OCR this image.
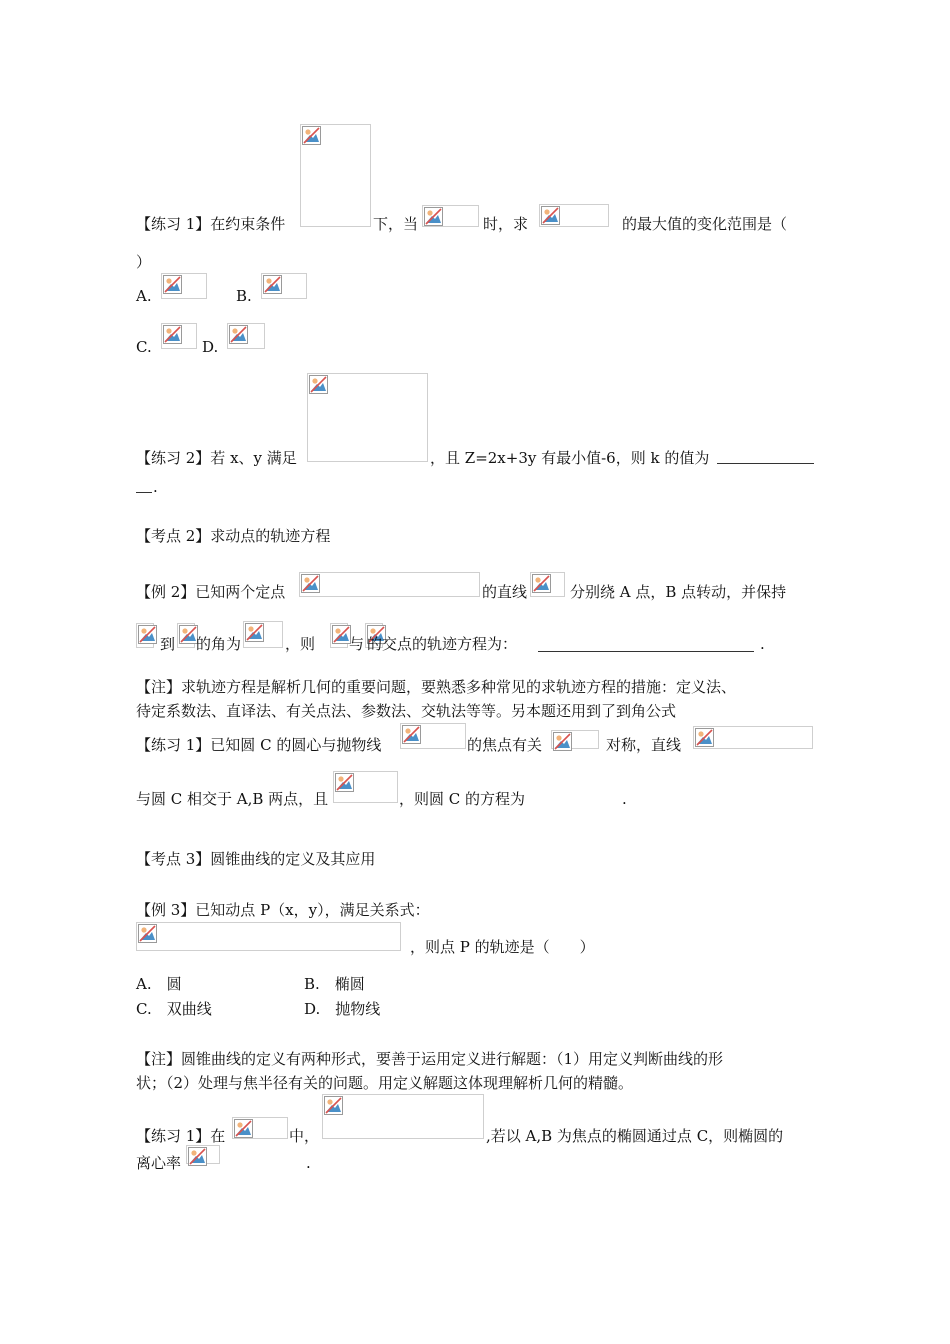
【练习 1】在约束条件	下，当	时，求	的最大值的变化范围是（
）
A.	B.
C.	D.
【练习 2】若 x、y 满足	，且 Z=2x+3y 有最小值-6，则 k 的值为
.
【考点 2】求动点的轨迹方程
【例 2】已知两个定点	的直线	分别绕 A 点，B 点转动，并保持
到 的角为	，则 与 的交点的轨迹方程为：	.
【注】求轨迹方程是解析几何的重要问题，要熟悉多种常见的求轨迹方程的措施：定义法、
待定系数法、直译法、有关点法、参数法、交轨法等等。另本题还用到了到角公式
【练习 1】已知圆 C 的圆心与抛物线	的焦点有关	对称，直线
与圆 C 相交于 A,B 两点，且	，则圆 C 的方程为	.
【考点 3】圆锥曲线的定义及其应用
【例 3】已知动点 P（x，y），满足关系式：
，则点 P 的轨迹是（　　）
A.　圆	B.　椭圆
C.　双曲线	D.　抛物线
【注】圆锥曲线的定义有两种形式，要善于运用定义进行解题：（1）用定义判断曲线的形
状；（2）处理与焦半径有关的问题。用定义解题这体现理解析几何的精髓。
【练习 1】在	中，	,若以 A,B 为焦点的椭圆通过点 C，则椭圆的
离心率	.
